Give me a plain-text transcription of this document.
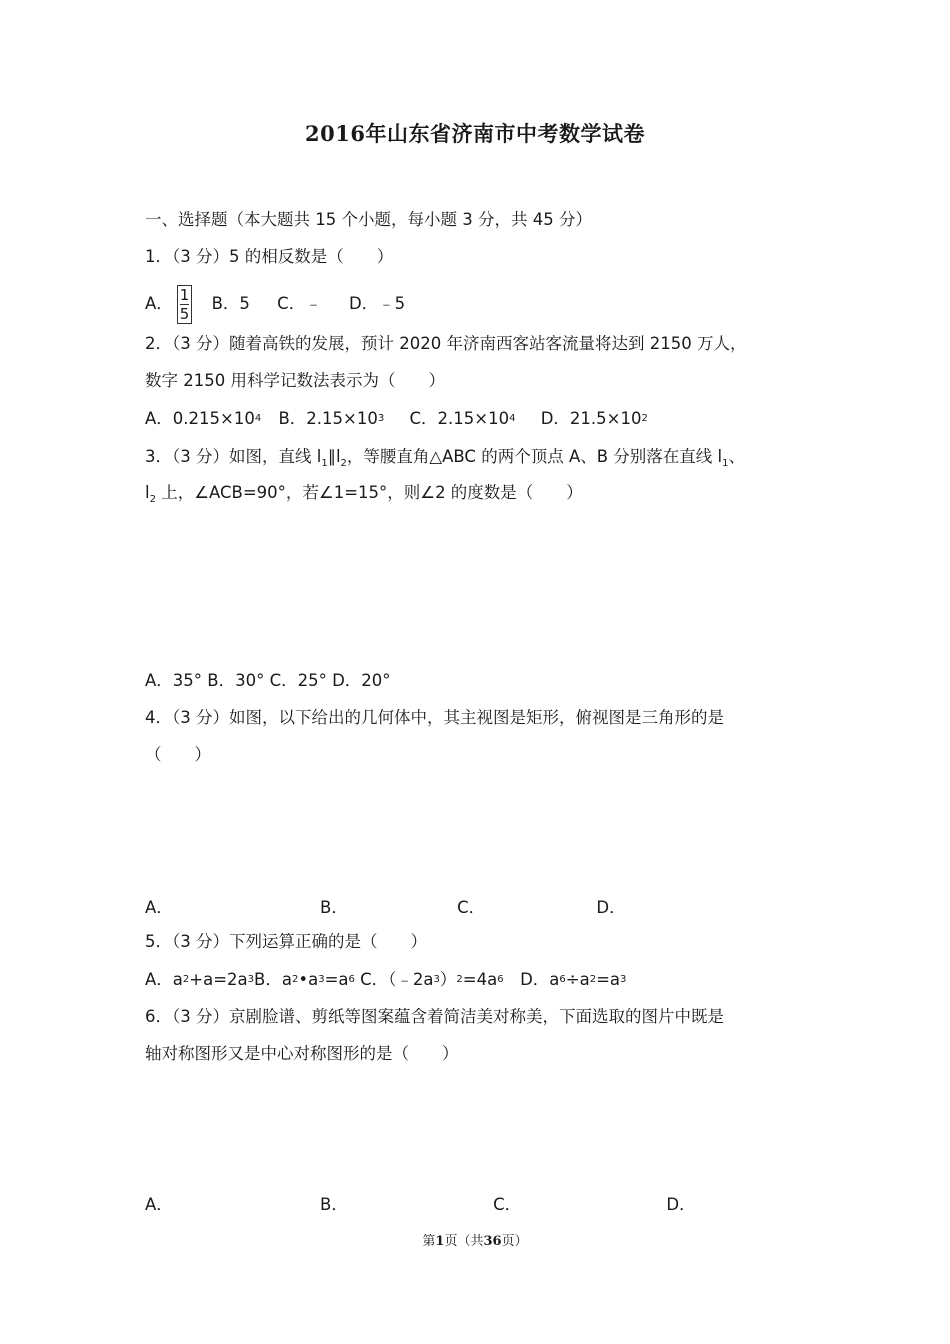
2016年山东省济南市中考数学试卷
一、选择题（本大题共 15 个小题，每小题 3 分，共 45 分）
1．（3 分）5 的相反数是（　　）
A． $\frac{1}{5}$ B．5 C．﹣ D．﹣5
2．（3 分）随着高铁的发展，预计 2020 年济南西客站客流量将达到 2150 万人，
数字 2150 用科学记数法表示为（　　）
A．$0.215\times 10^4$ B．$2.15\times 10^3$ C．$2.15\times 10^4$ D．$21.5\times 10^2$
3．（3 分）如图，直线 $l_1\parallel l_2$，等腰直角△ABC 的两个顶点 A、B 分别落在直线 $l_1$、
$l_2$ 上，∠ACB=90°，若∠1=15°，则∠2 的度数是（　　）
A．35° B．30° C．25° D．20°
4．（3 分）如图，以下给出的几何体中，其主视图是矩形，俯视图是三角形的是
（　　）
A．	B．	C．	D．
5．（3 分）下列运算正确的是（　　）
A．$a^2+a=2a^3B$．$a^2•a^3=a^6$ C．$(﹣2a^3)^2=4a^6$　D．$a^6\div a^2=a^3$
6．（3 分）京剧脸谱、剪纸等图案蕴含着简洁美对称美，下面选取的图片中既是
轴对称图形又是中心对称图形的是（　　）
A．	B．	C．	D．
第1页（共36页）
